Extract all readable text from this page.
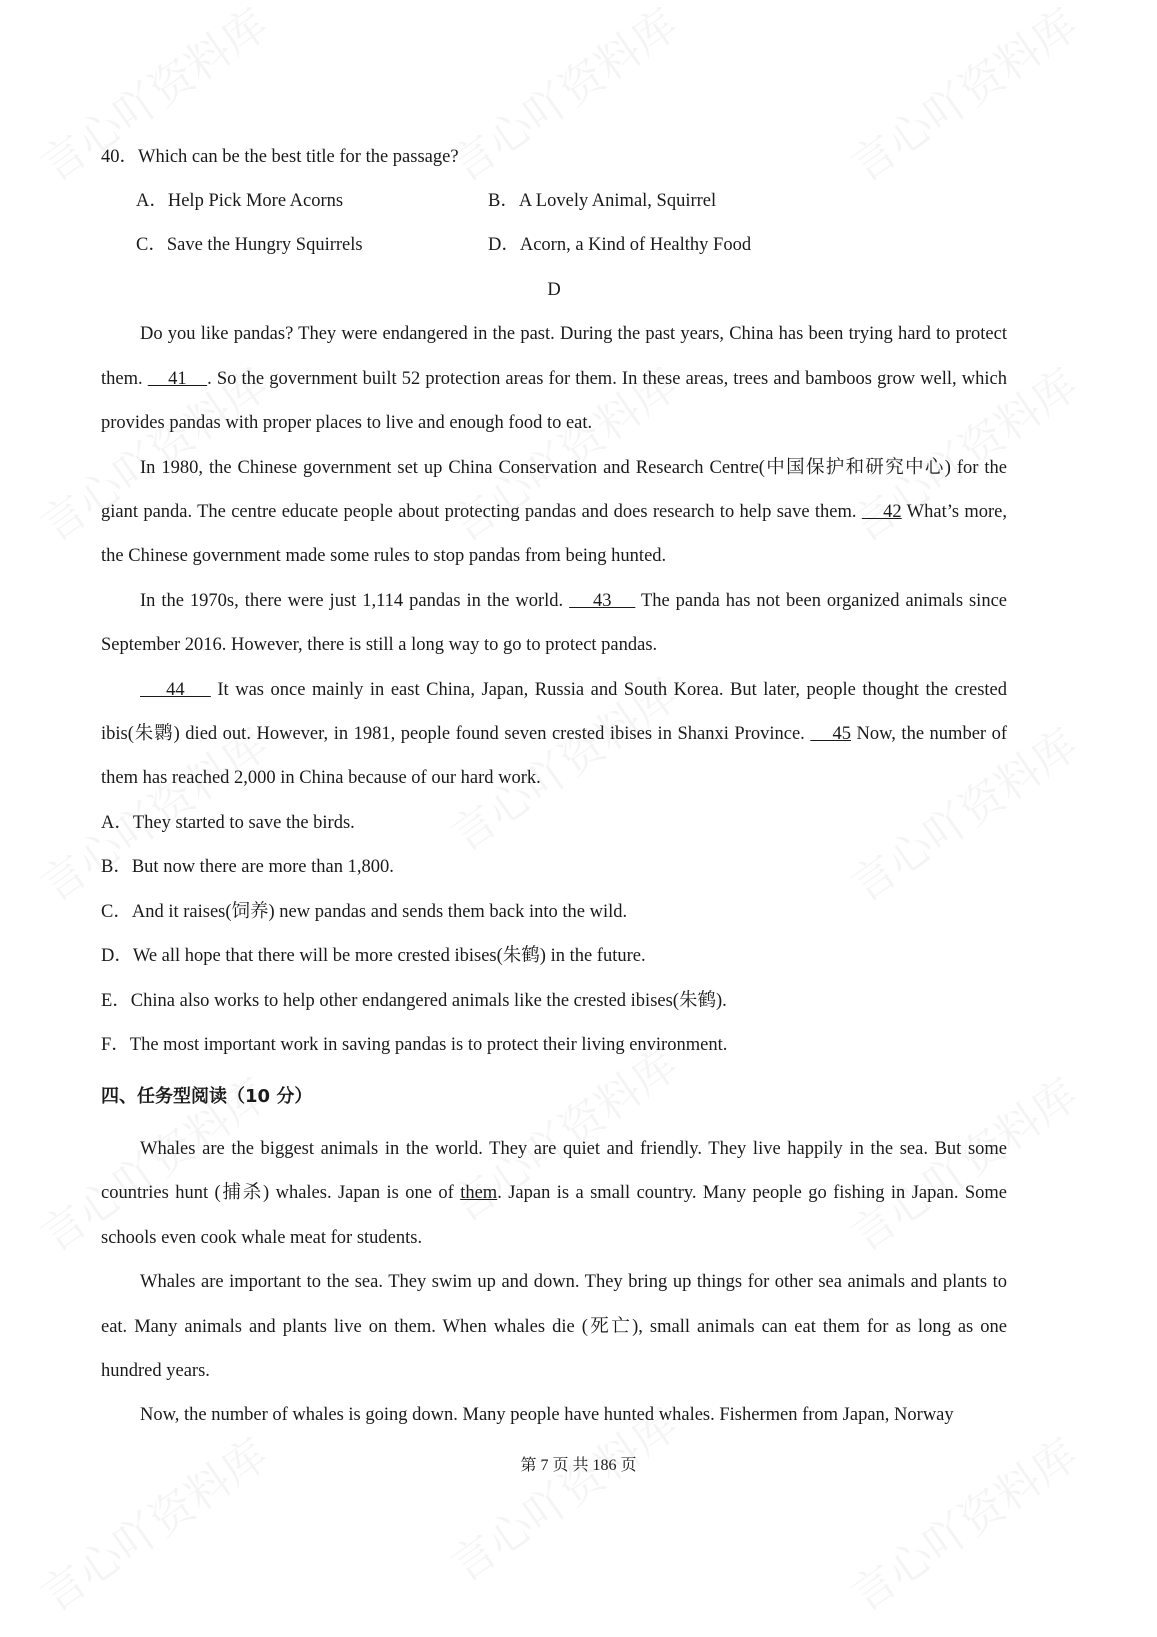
40．Which can be the best title for the passage?
A．Help Pick More Acorns	B．A Lovely Animal, Squirrel
C．Save the Hungry Squirrels	D．Acorn, a Kind of Healthy Food
D

Do you like pandas? They were endangered in the past. During the past years, China has been trying hard to protect them.     41    . So the government built 52 protection areas for them. In these areas, trees and bamboos grow well, which provides pandas with proper places to live and enough food to eat.

In 1980, the Chinese government set up China Conservation and Research Centre(中国保护和研究中心) for the giant panda. The centre educate people about protecting pandas and does research to help save them.     42 What’s more, the Chinese government made some rules to stop pandas from being hunted.

In the 1970s, there were just 1,114 pandas in the world.     43     The panda has not been organized animals since September 2016. However, there is still a long way to go to protect pandas.

44     It was once mainly in east China, Japan, Russia and South Korea. But later, people thought the crested ibis(朱鹮) died out. However, in 1981, people found seven crested ibises in Shanxi Province.     45 Now, the number of them has reached 2,000 in China because of our hard work.

A．They started to save the birds.
B．But now there are more than 1,800.
C．And it raises(饲养) new pandas and sends them back into the wild.
D．We all hope that there will be more crested ibises(朱鹤) in the future.
E．China also works to help other endangered animals like the crested ibises(朱鹤).
F．The most important work in saving pandas is to protect their living environment.
四、任务型阅读（10 分）

Whales are the biggest animals in the world. They are quiet and friendly. They live happily in the sea. But some countries hunt (捕杀) whales. Japan is one of them. Japan is a small country. Many people go fishing in Japan. Some schools even cook whale meat for students.

Whales are important to the sea. They swim up and down. They bring up things for other sea animals and plants to eat. Many animals and plants live on them. When whales die (死亡), small animals can eat them for as long as one hundred years.

Now, the number of whales is going down. Many people have hunted whales. Fishermen from Japan, Norway

第 7 页 共 186 页
